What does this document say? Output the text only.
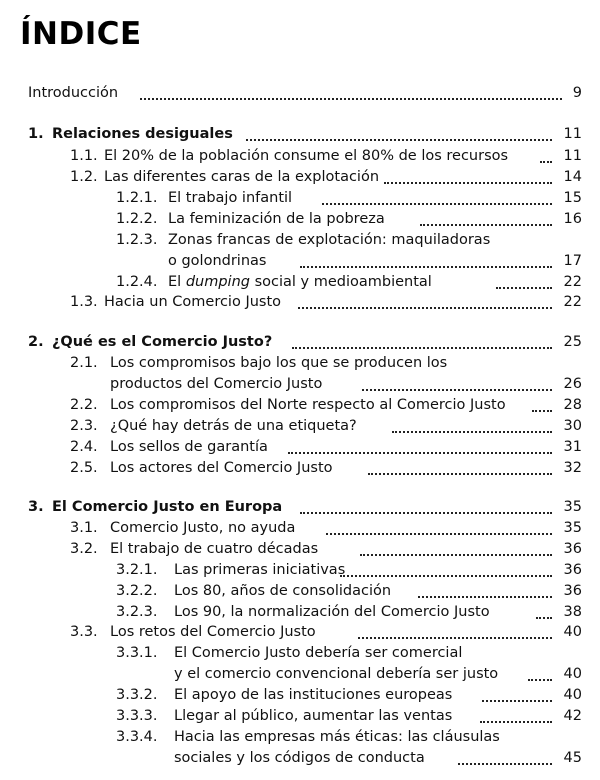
ÍNDICE
Introducción	9
1. Relaciones desiguales	11
1.1. El 20% de la población consume el 80% de los recursos	11
1.2. Las diferentes caras de la explotación	14
1.2.1. El trabajo infantil	15
1.2.2. La feminización de la pobreza	16
1.2.3. Zonas francas de explotación: maquiladoras
o golondrinas	17
1.2.4. El dumping social y medioambiental	22
1.3. Hacia un Comercio Justo	22
2. ¿Qué es el Comercio Justo?	25
2.1. Los compromisos bajo los que se producen los
productos del Comercio Justo	26
2.2. Los compromisos del Norte respecto al Comercio Justo	28
2.3. ¿Qué hay detrás de una etiqueta?	30
2.4. Los sellos de garantía	31
2.5. Los actores del Comercio Justo	32
3. El Comercio Justo en Europa	35
3.1. Comercio Justo, no ayuda	35
3.2. El trabajo de cuatro décadas	36
3.2.1. Las primeras iniciativas	36
3.2.2. Los 80, años de consolidación	36
3.2.3. Los 90, la normalización del Comercio Justo	38
3.3. Los retos del Comercio Justo	40
3.3.1. El Comercio Justo debería ser comercial
y el comercio convencional debería ser justo	40
3.3.2. El apoyo de las instituciones europeas	40
3.3.3. Llegar al público, aumentar las ventas	42
3.3.4. Hacia las empresas más éticas: las cláusulas
sociales y los códigos de conducta	45
